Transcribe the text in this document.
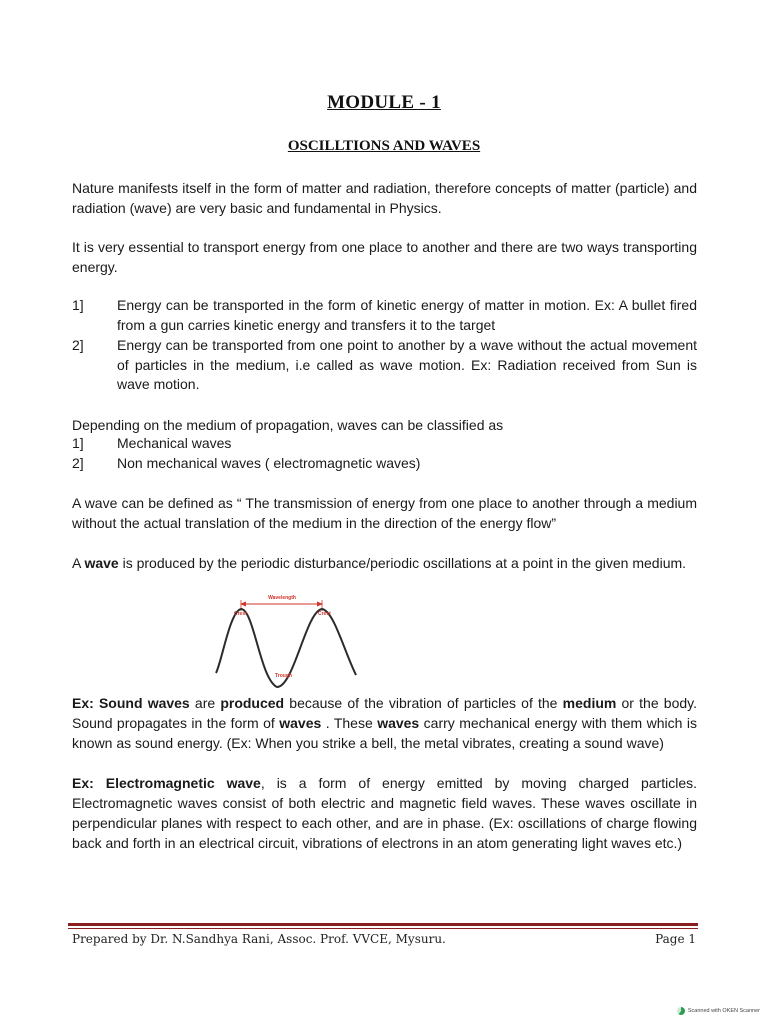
MODULE - 1
OSCILLTIONS AND WAVES
Nature manifests itself in the form of matter and radiation, therefore concepts of matter (particle) and radiation (wave) are very basic and fundamental in Physics.
It is very essential to transport energy from one place to another and there are two ways transporting energy.
1] Energy can be transported in the form of kinetic energy of matter in motion. Ex: A bullet fired from a gun carries kinetic energy and transfers it to the target
2] Energy can be transported from one point to another by a wave without the actual movement of particles in the medium, i.e called as wave motion. Ex: Radiation received from Sun is wave motion.
Depending on the medium of propagation, waves can be classified as
1] Mechanical waves
2] Non mechanical waves ( electromagnetic waves)
A wave can be defined as “ The transmission of energy from one place to another through a medium without the actual translation of the medium in the direction of the energy flow”
A wave is produced by the periodic disturbance/periodic oscillations at a point in the given medium.
Wavelength
Crest	Crest
Trough
Ex: Sound waves are produced because of the vibration of particles of the medium or the body. Sound propagates in the form of waves . These waves carry mechanical energy with them which is known as sound energy. (Ex: When you strike a bell, the metal vibrates, creating a sound wave)
Ex: Electromagnetic wave, is a form of energy emitted by moving charged particles. Electromagnetic waves consist of both electric and magnetic field waves. These waves oscillate in perpendicular planes with respect to each other, and are in phase. (Ex: oscillations of charge flowing back and forth in an electrical circuit, vibrations of electrons in an atom generating light waves etc.)
Prepared by Dr. N.Sandhya Rani, Assoc. Prof. VVCE, Mysuru.	Page 1
Scanned with OKEN Scanner
